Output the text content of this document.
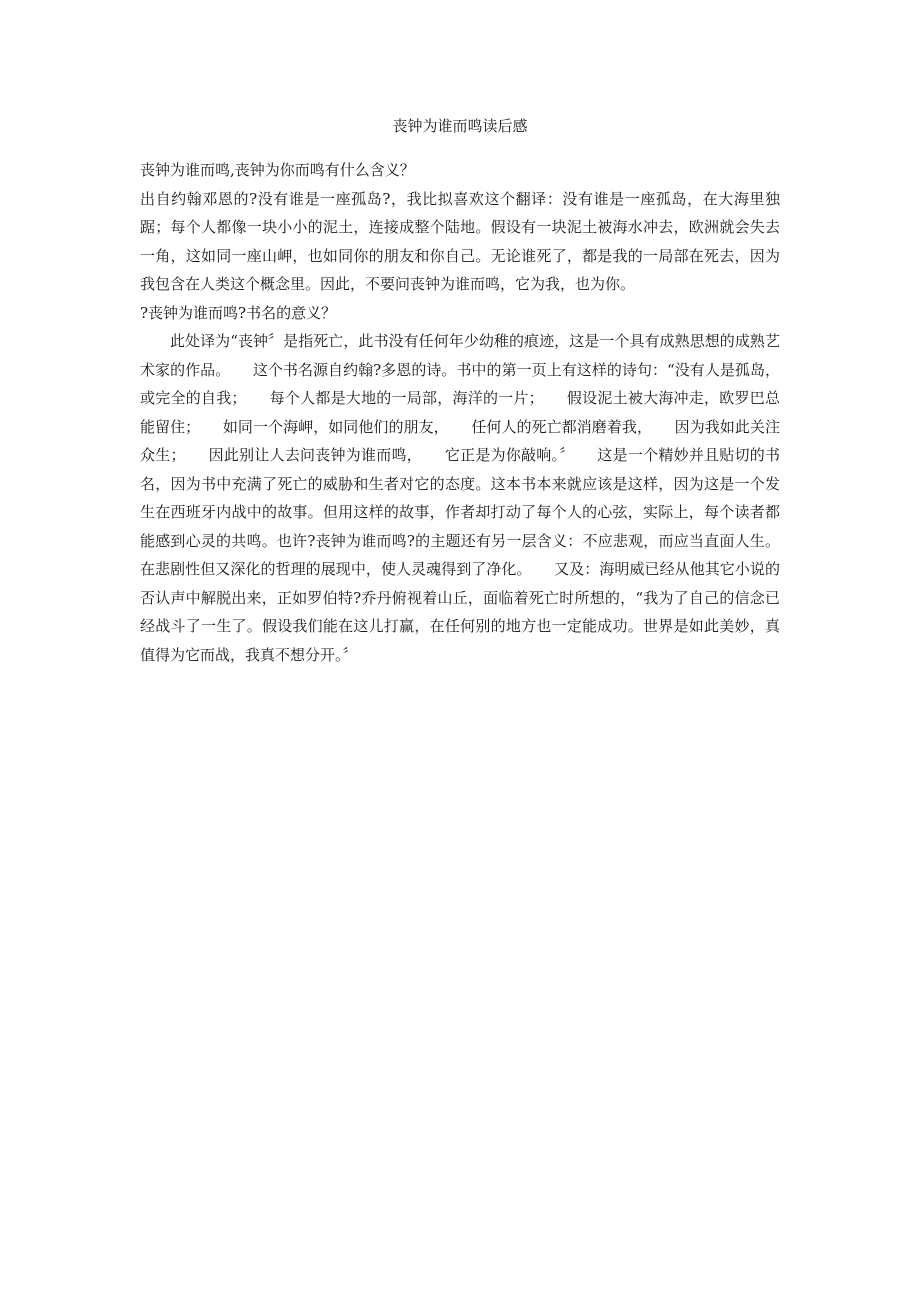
丧钟为谁而鸣读后感

丧钟为谁而鸣,丧钟为你而鸣有什么含义？

出自约翰邓恩的?没有谁是一座孤岛?，我比拟喜欢这个翻译：没有谁是一座孤岛，在大海里独踞；每个人都像一块小小的泥土，连接成整个陆地。假设有一块泥土被海水冲去，欧洲就会失去一角，这如同一座山岬，也如同你的朋友和你自己。无论谁死了，都是我的一局部在死去，因为我包含在人类这个概念里。因此，不要问丧钟为谁而鸣，它为我，也为你。

?丧钟为谁而鸣?书名的意义？

此处译为“丧钟〞是指死亡，此书没有任何年少幼稚的痕迹，这是一个具有成熟思想的成熟艺术家的作品。　　这个书名源自约翰?多恩的诗。书中的第一页上有这样的诗句：“没有人是孤岛，或完全的自我；　　每个人都是大地的一局部，海洋的一片；　　假设泥土被大海冲走，欧罗巴总能留住；　　如同一个海岬，如同他们的朋友，　　任何人的死亡都消磨着我，　　因为我如此关注众生；　　因此别让人去问丧钟为谁而鸣，　　它正是为你敲响。〞　　这是一个精妙并且贴切的书名，因为书中充满了死亡的威胁和生者对它的态度。这本书本来就应该是这样，因为这是一个发生在西班牙内战中的故事。但用这样的故事，作者却打动了每个人的心弦，实际上，每个读者都能感到心灵的共鸣。也许?丧钟为谁而鸣?的主题还有另一层含义：不应悲观，而应当直面人生。在悲剧性但又深化的哲理的展现中，使人灵魂得到了净化。　　又及：海明威已经从他其它小说的否认声中解脱出来，正如罗伯特?乔丹俯视着山丘，面临着死亡时所想的，“我为了自己的信念已经战斗了一生了。假设我们能在这儿打赢，在任何别的地方也一定能成功。世界是如此美妙，真值得为它而战，我真不想分开。〞
